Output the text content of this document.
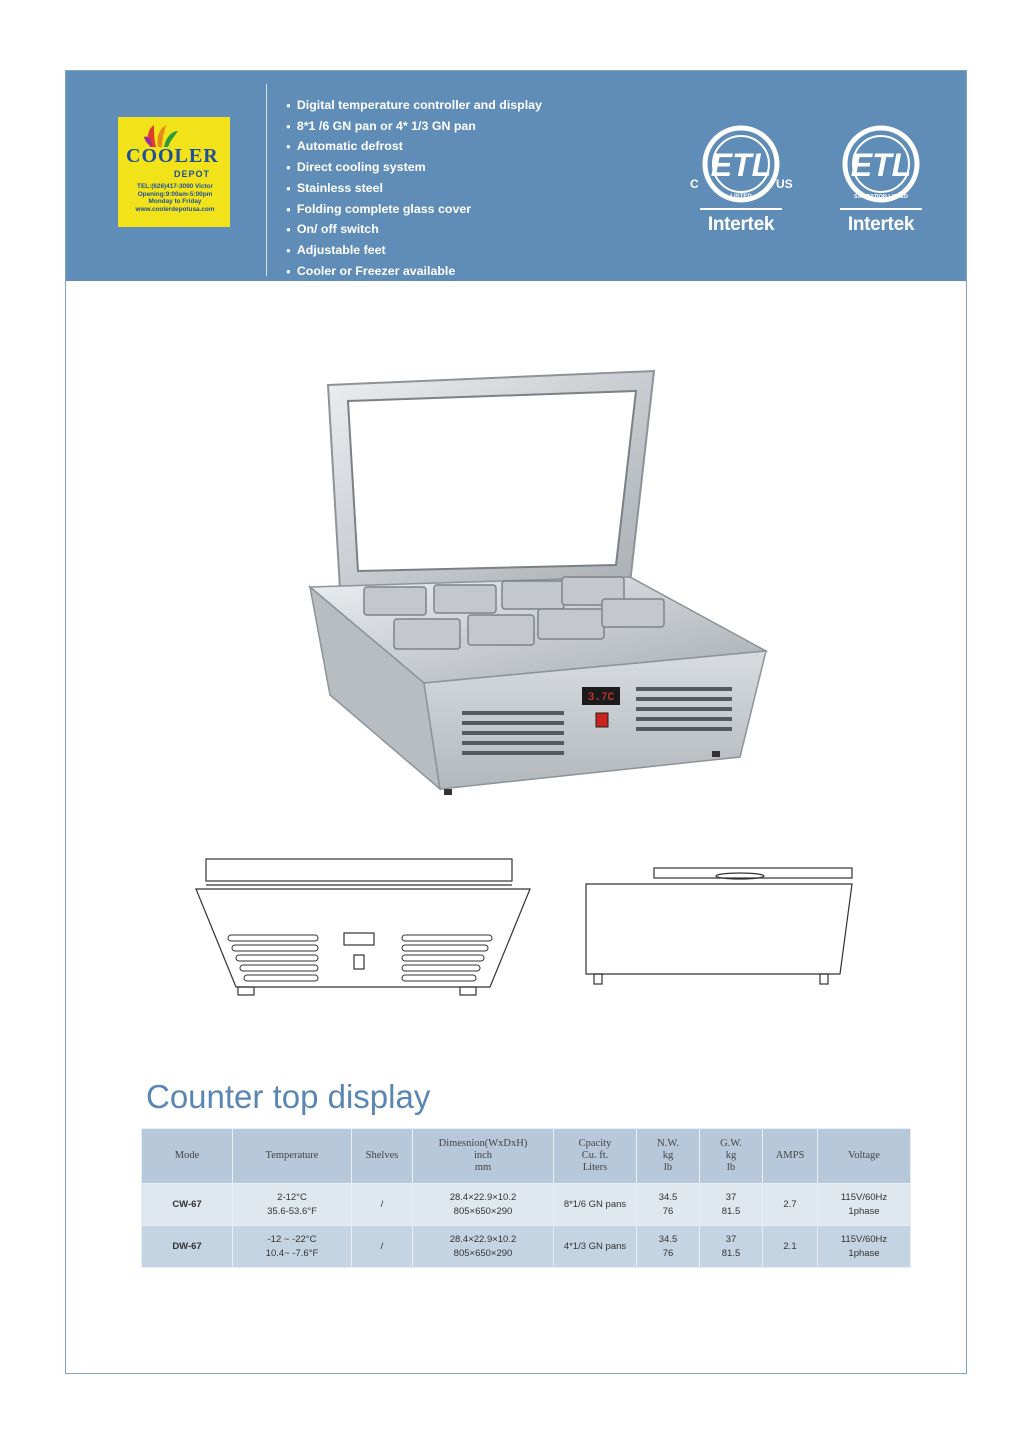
COOLER
DEPOT
TEL:(626)417-3090 Victor
Opening:9:00am-5:00pm
Monday to Friday
www.coolerdepotusa.com
● Digital temperature controller and display
● 8*1 /6 GN pan or 4* 1/3 GN pan
● Automatic defrost
● Direct cooling system
● Stainless steel
● Folding complete glass cover
● On/ off switch
● Adjustable feet
● Cooler or Freezer available
ETL
LISTED
C	US
Intertek
ETL
SANITATION LISTED
Intertek
3.7C
Counter top display
Mode	Temperature	Shelves	Dimesnion(WxDxH)
inch
mm	Cpacity
Cu. ft.
Liters	N.W.
kg
lb	G.W.
kg
lb	AMPS	Voltage
CW-67	2-12°C
35.6-53.6°F	/	28.4×22.9×10.2
805×650×290	8*1/6 GN pans	34.5
76	37
81.5	2.7	115V/60Hz
1phase
DW-67	-12 ~ -22°C
10.4~ -7.6°F	/	28.4×22.9×10.2
805×650×290	4*1/3 GN pans	34.5
76	37
81.5	2.1	115V/60Hz
1phase
